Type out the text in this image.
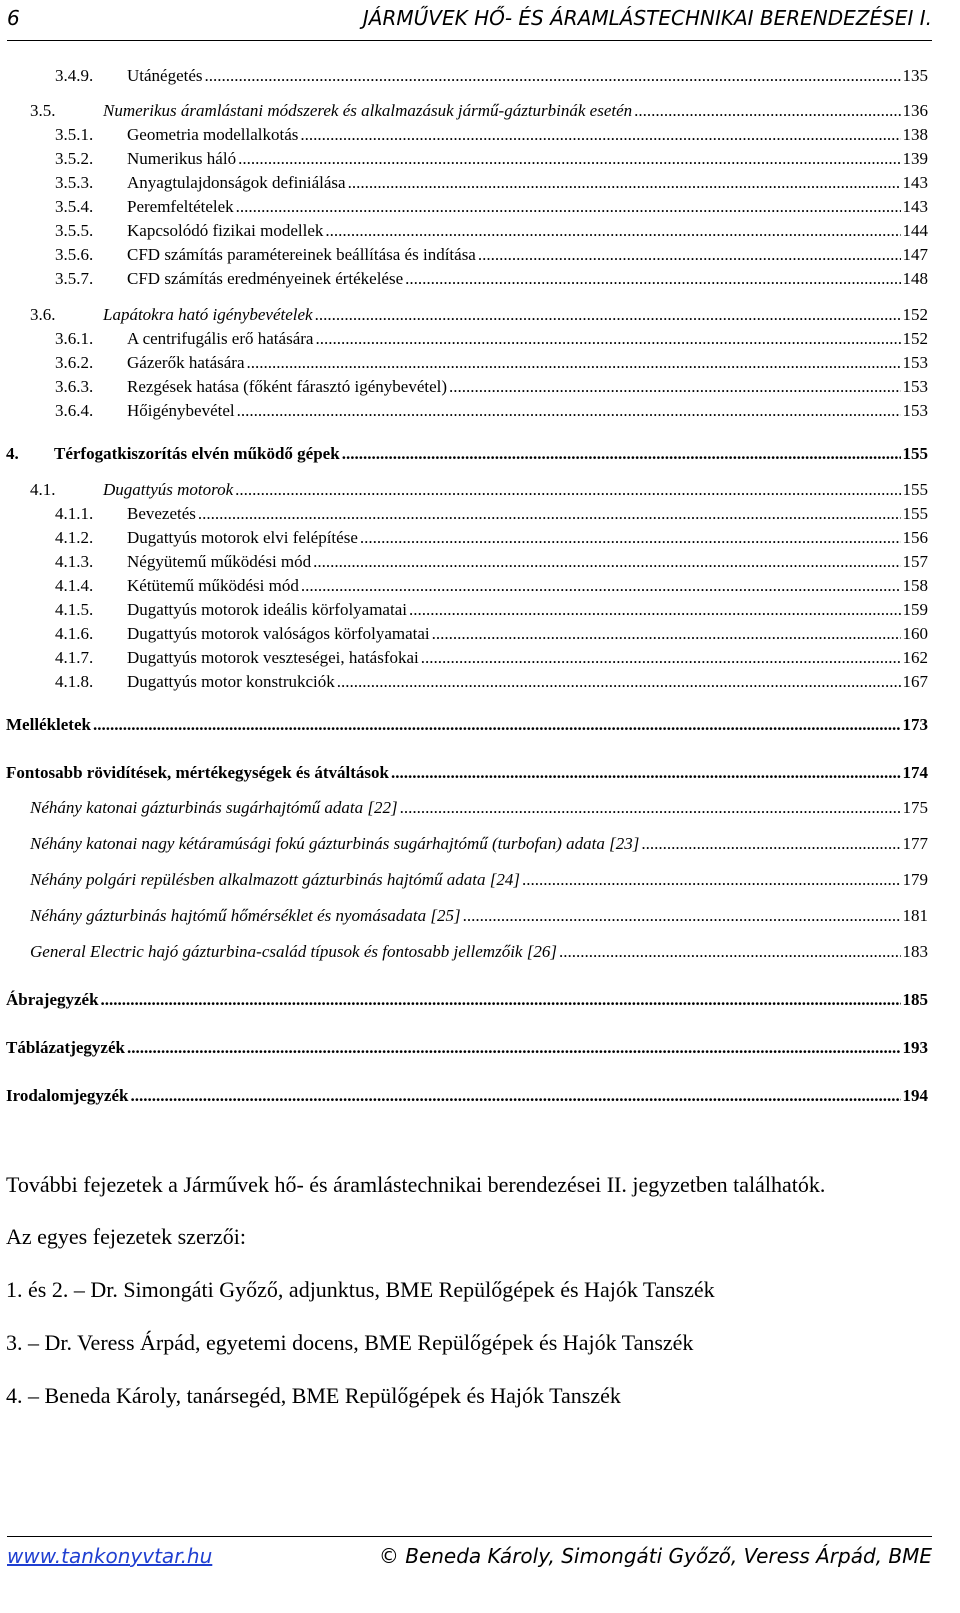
6	JÁRMŰVEK HŐ- ÉS ÁRAMLÁSTECHNIKAI BERENDEZÉSEI I.
3.4.9.	Utánégetés .....	135
3.5.	Numerikus áramlástani módszerek és alkalmazásuk jármű-gázturbinák esetén .....	136
3.5.1.	Geometria modellalkotás .....	138
3.5.2.	Numerikus háló .....	139
3.5.3.	Anyagtulajdonságok definiálása .....	143
3.5.4.	Peremfeltételek .....	143
3.5.5.	Kapcsolódó fizikai modellek .....	144
3.5.6.	CFD számítás paramétereinek beállítása és indítása .....	147
3.5.7.	CFD számítás eredményeinek értékelése .....	148
3.6.	Lapátokra ható igénybevételek .....	152
3.6.1.	A centrifugális erő hatására .....	152
3.6.2.	Gázerők hatására .....	153
3.6.3.	Rezgések hatása (főként fárasztó igénybevétel) .....	153
3.6.4.	Hőigénybevétel .....	153
4.	Térfogatkiszorítás elvén működő gépek .....	155
4.1.	Dugattyús motorok .....	155
4.1.1.	Bevezetés .....	155
4.1.2.	Dugattyús motorok elvi felépítése .....	156
4.1.3.	Négyütemű működési mód .....	157
4.1.4.	Kétütemű működési mód .....	158
4.1.5.	Dugattyús motorok ideális körfolyamatai .....	159
4.1.6.	Dugattyús motorok valóságos körfolyamatai .....	160
4.1.7.	Dugattyús motorok veszteségei, hatásfokai .....	162
4.1.8.	Dugattyús motor konstrukciók .....	167
Mellékletek .....	173
Fontosabb rövidítések, mértékegységek és átváltások .....	174
Néhány katonai gázturbinás sugárhajtómű adata [22] .....	175
Néhány katonai nagy kétáramúsági fokú gázturbinás sugárhajtómű (turbofan) adata [23] .....	177
Néhány polgári repülésben alkalmazott gázturbinás hajtómű adata [24] .....	179
Néhány gázturbinás hajtómű hőmérséklet és nyomásadata [25] .....	181
General Electric hajó gázturbina-család típusok és fontosabb jellemzőik [26] .....	183
Ábrajegyzék .....	185
Táblázatjegyzék .....	193
Irodalomjegyzék .....	194
További fejezetek a Járművek hő- és áramlástechnikai berendezései II. jegyzetben találhatók.
Az egyes fejezetek szerzői:
1. és 2. – Dr. Simongáti Győző, adjunktus, BME Repülőgépek és Hajók Tanszék
3. – Dr. Veress Árpád, egyetemi docens, BME Repülőgépek és Hajók Tanszék
4. – Beneda Károly, tanársegéd, BME Repülőgépek és Hajók Tanszék
www.tankonyvtar.hu	© Beneda Károly, Simongáti Győző, Veress Árpád, BME
